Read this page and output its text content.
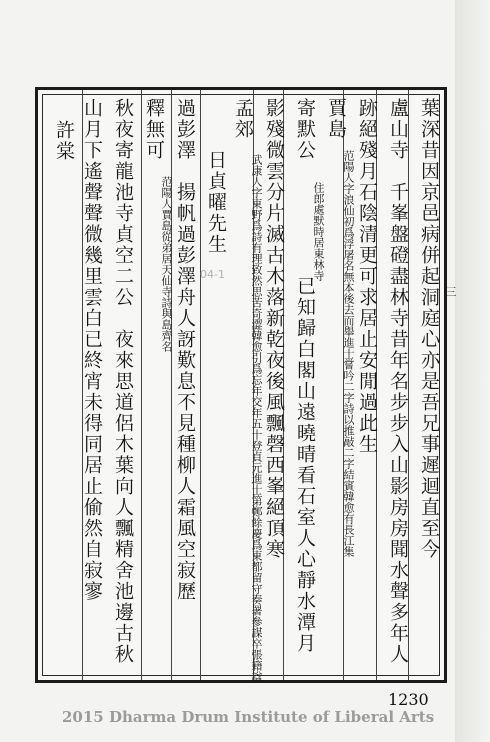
葉深昔因京邑病併起洞庭心亦是吾兄事遲迴直至今
盧山寺　千峯盤磴盡林寺昔年名步步入山影房房聞水聲多年人
跡絕殘月石陰清更可求居止安閒過此生
賈島
范陽人字浪仙初爲浮屠名無本後去而舉進士嘗吟二字詩以推敲二字結賓韓愈有長江集
寄默公
住郎處默時居東林寺
已知歸白閣山遠曉晴看石室人心靜水潭月
影殘微雲分片滅古木落新乾夜後風飄磬西峯絕頂寒
孟郊
武康人字東野爲詩有理致然思苦奇澀韓愈引爲忘年交年五十登貞元進士第鄭餘慶爲東都留守奏署參謀卒張籍諡
日貞曜先生
過彭澤　揚帆過彭澤舟人訝歎息不見種柳人霜風空寂歷
釋無可
范陽人賈島從弟居天仙寺詩與島齊名
秋夜寄龍池寺貞空二公　夜來思道侶木葉向人飄精舍池邊古秋
山月下遙聲聲微幾里雲白已終宵未得同居止偷然自寂寥
許棠
04-1
三
1230
2015 Dharma Drum Institute of Liberal Arts
